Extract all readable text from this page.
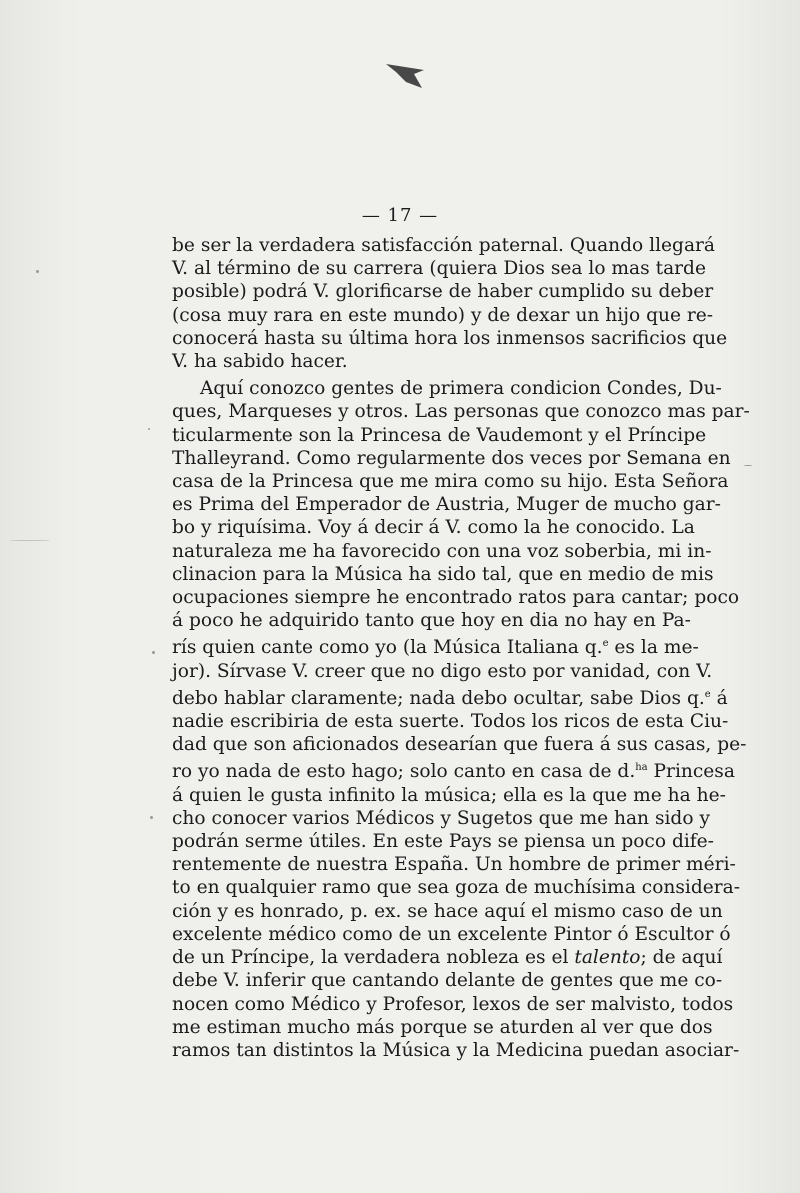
— 17 —
be ser la verdadera satisfacción paternal. Quando llegará
V. al término de su carrera (quiera Dios sea lo mas tarde
posible) podrá V. glorificarse de haber cumplido su deber
(cosa muy rara en este mundo) y de dexar un hijo que re-
conocerá hasta su última hora los inmensos sacrificios que
V. ha sabido hacer.
Aquí conozco gentes de primera condicion Condes, Du-
ques, Marqueses y otros. Las personas que conozco mas par-
ticularmente son la Princesa de Vaudemont y el Príncipe
Thalleyrand. Como regularmente dos veces por Semana en
casa de la Princesa que me mira como su hijo. Esta Señora
es Prima del Emperador de Austria, Muger de mucho gar-
bo y riquísima. Voy á decir á V. como la he conocido. La
naturaleza me ha favorecido con una voz soberbia, mi in-
clinacion para la Música ha sido tal, que en medio de mis
ocupaciones siempre he encontrado ratos para cantar; poco
á poco he adquirido tanto que hoy en dia no hay en Pa-
rís quien cante como yo (la Música Italiana q.$^e$ es la me-
jor). Sírvase V. creer que no digo esto por vanidad, con V.
debo hablar claramente; nada debo ocultar, sabe Dios q.$^e$ á
nadie escribiria de esta suerte. Todos los ricos de esta Ciu-
dad que son aficionados desearían que fuera á sus casas, pe-
ro yo nada de esto hago; solo canto en casa de d.$^{ha}$ Princesa
á quien le gusta infinito la música; ella es la que me ha he-
cho conocer varios Médicos y Sugetos que me han sido y
podrán serme útiles. En este Pays se piensa un poco dife-
rentemente de nuestra España. Un hombre de primer méri-
to en qualquier ramo que sea goza de muchísima considera-
ción y es honrado, p. ex. se hace aquí el mismo caso de un
excelente médico como de un excelente Pintor ó Escultor ó
de un Príncipe, la verdadera nobleza es el talento; de aquí
debe V. inferir que cantando delante de gentes que me co-
nocen como Médico y Profesor, lexos de ser malvisto, todos
me estiman mucho más porque se aturden al ver que dos
ramos tan distintos la Música y la Medicina puedan asociar-
